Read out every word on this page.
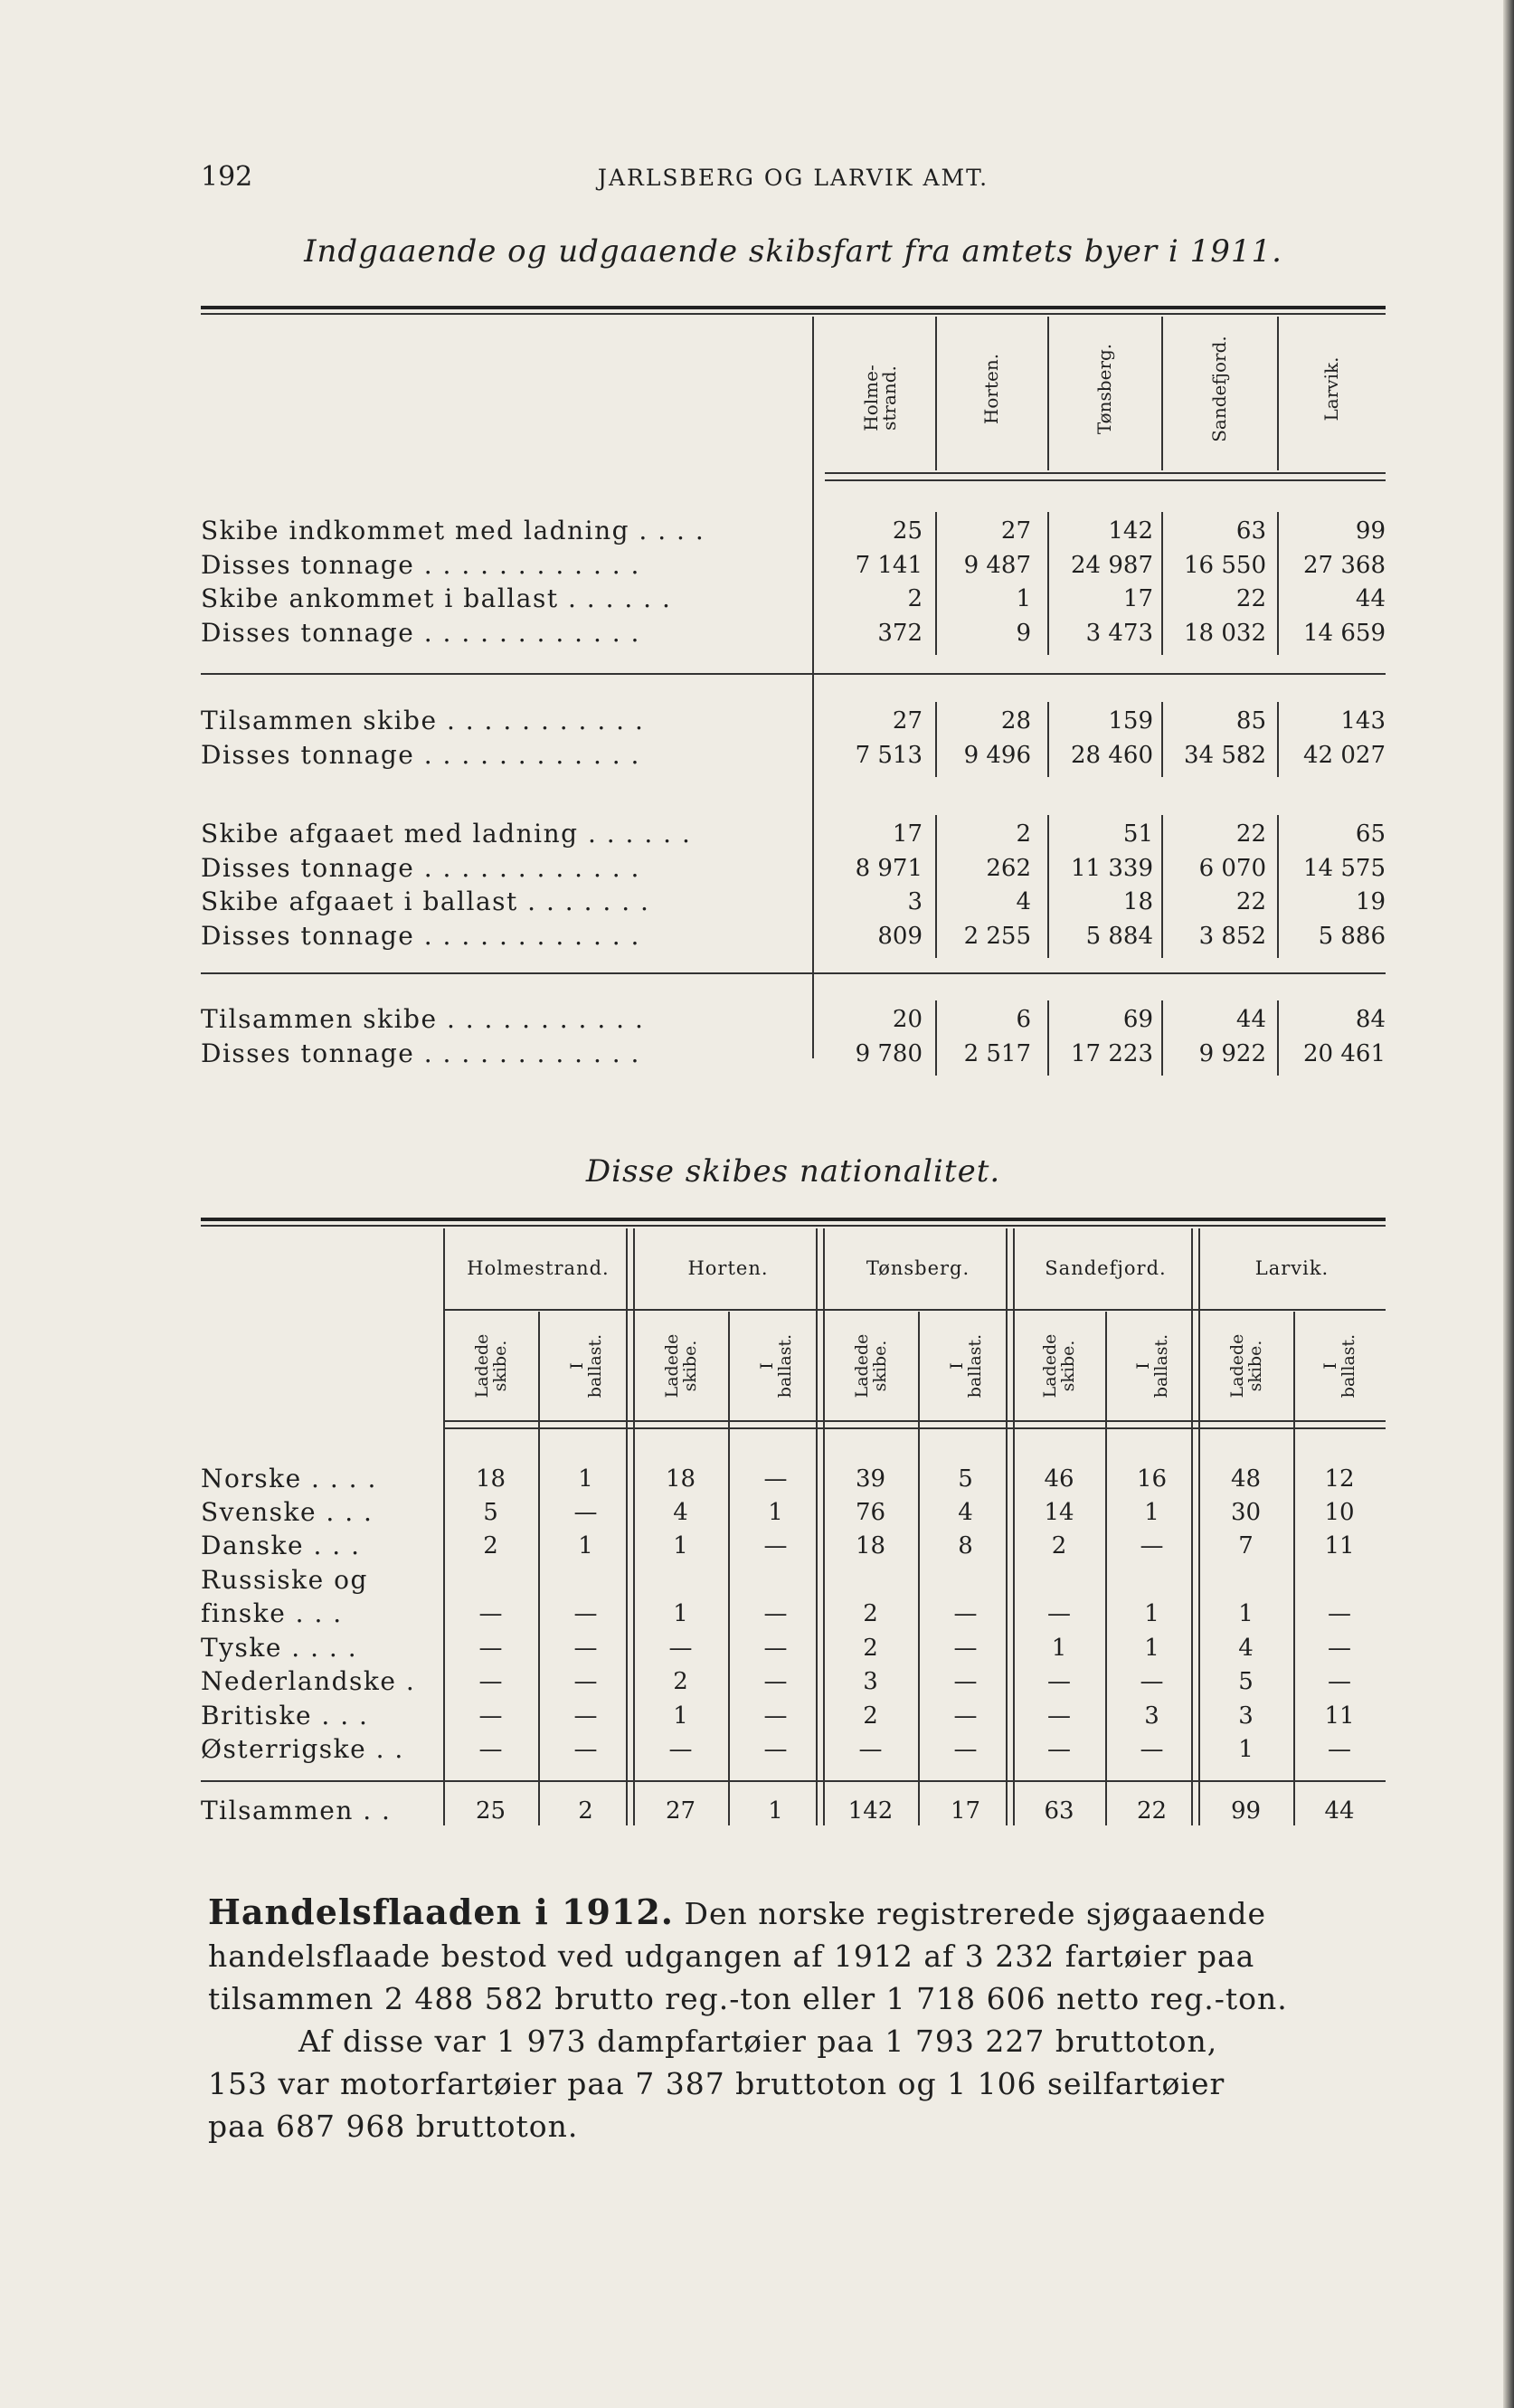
192	JARLSBERG OG LARVIK AMT.
Indgaaende og udgaaende skibsfart fra amtets byer i 1911.
Holme-
strand.	Horten.	Tønsberg.	Sandefjord.	Larvik.
Skibe indkommet med ladning . . . .	25	27	142	63	99
Disses tonnage . . . . . . . . . . . .	7 141	9 487	24 987	16 550	27 368
Skibe ankommet i ballast . . . . . .	2	1	17	22	44
Disses tonnage . . . . . . . . . . . .	372	9	3 473	18 032	14 659
Tilsammen skibe . . . . . . . . . . .	27	28	159	85	143
Disses tonnage . . . . . . . . . . . .	7 513	9 496	28 460	34 582	42 027
Skibe afgaaet med ladning . . . . . .	17	2	51	22	65
Disses tonnage . . . . . . . . . . . .	8 971	262	11 339	6 070	14 575
Skibe afgaaet i ballast . . . . . . .	3	4	18	22	19
Disses tonnage . . . . . . . . . . . .	809	2 255	5 884	3 852	5 886
Tilsammen skibe . . . . . . . . . . .	20	6	69	44	84
Disses tonnage . . . . . . . . . . . .	9 780	2 517	17 223	9 922	20 461
Disse skibes nationalitet.
Holmestrand.	Horten.	Tønsberg.	Sandefjord.	Larvik.
Ladede
skibe.	I
ballast.	Ladede
skibe.	I
ballast.	Ladede
skibe.	I
ballast.	Ladede
skibe.	I
ballast.	Ladede
skibe.	I
ballast.
Norske . . . .	18	1	18	—	39	5	46	16	48	12
Svenske . . .	5	—	4	1	76	4	14	1	30	10
Danske . . .	2	1	1	—	18	8	2	—	7	11
Russiske og
finske . . .	—	—	1	—	2	—	—	1	1	—
Tyske . . . .	—	—	—	—	2	—	1	1	4	—
Nederlandske .	—	—	2	—	3	—	—	—	5	—
Britiske . . .	—	—	1	—	2	—	—	3	3	11
Østerrigske . .	—	—	—	—	—	—	—	—	1	—
Tilsammen . .	25	2	27	1	142	17	63	22	99	44
Handelsflaaden i 1912. Den norske registrerede sjøgaaende
handelsflaade bestod ved udgangen af 1912 af 3 232 fartøier paa
tilsammen 2 488 582 brutto reg.-ton eller 1 718 606 netto reg.-ton.
Af disse var 1 973 dampfartøier paa 1 793 227 bruttoton,
153 var motorfartøier paa 7 387 bruttoton og 1 106 seilfartøier
paa 687 968 bruttoton.
